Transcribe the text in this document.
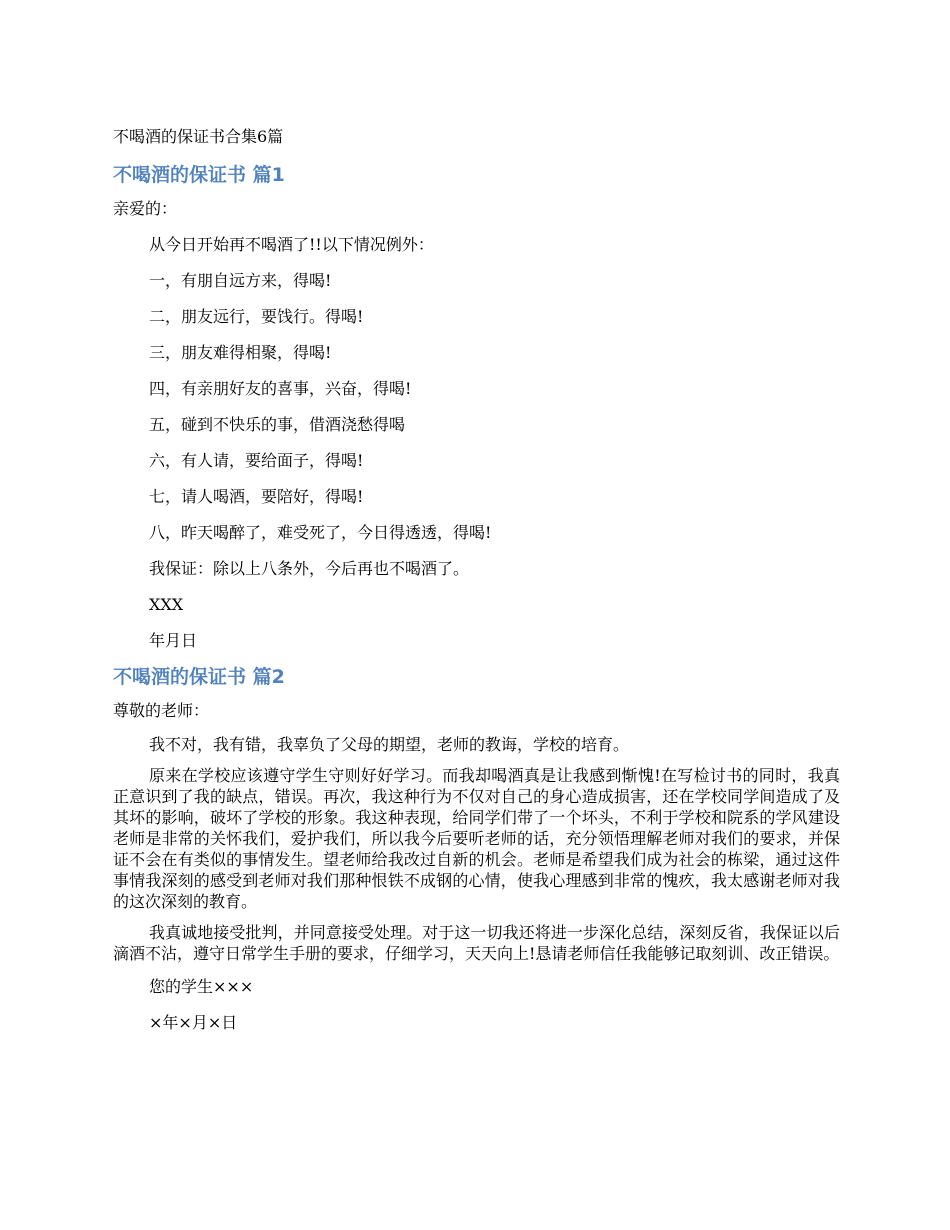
不喝酒的保证书合集6篇
不喝酒的保证书 篇1
亲爱的：
从今日开始再不喝酒了!!以下情况例外：
一，有朋自远方来，得喝!
二，朋友远行，要饯行。得喝!
三，朋友难得相聚，得喝!
四，有亲朋好友的喜事，兴奋，得喝!
五，碰到不快乐的事，借酒浇愁得喝
六，有人请，要给面子，得喝!
七，请人喝酒，要陪好，得喝!
八，昨天喝醉了，难受死了，今日得透透，得喝!
我保证：除以上八条外，今后再也不喝酒了。
XXX
年月日
不喝酒的保证书 篇2
尊敬的老师：
我不对，我有错，我辜负了父母的期望，老师的教诲，学校的培育。
原来在学校应该遵守学生守则好好学习。而我却喝酒真是让我感到惭愧!在写检讨书的同时，我真正意识到了我的缺点，错误。再次，我这种行为不仅对自己的身心造成损害，还在学校同学间造成了及其坏的影响，破坏了学校的形象。我这种表现，给同学们带了一个坏头，不利于学校和院系的学风建设老师是非常的关怀我们，爱护我们，所以我今后要听老师的话，充分领悟理解老师对我们的要求，并保证不会在有类似的事情发生。望老师给我改过自新的机会。老师是希望我们成为社会的栋梁，通过这件事情我深刻的感受到老师对我们那种恨铁不成钢的心情，使我心理感到非常的愧疚，我太感谢老师对我的这次深刻的教育。
我真诚地接受批判，并同意接受处理。对于这一切我还将进一步深化总结，深刻反省，我保证以后滴酒不沾，遵守日常学生手册的要求，仔细学习，天天向上!恳请老师信任我能够记取刻训、改正错误。
您的学生×××
×年×月×日
